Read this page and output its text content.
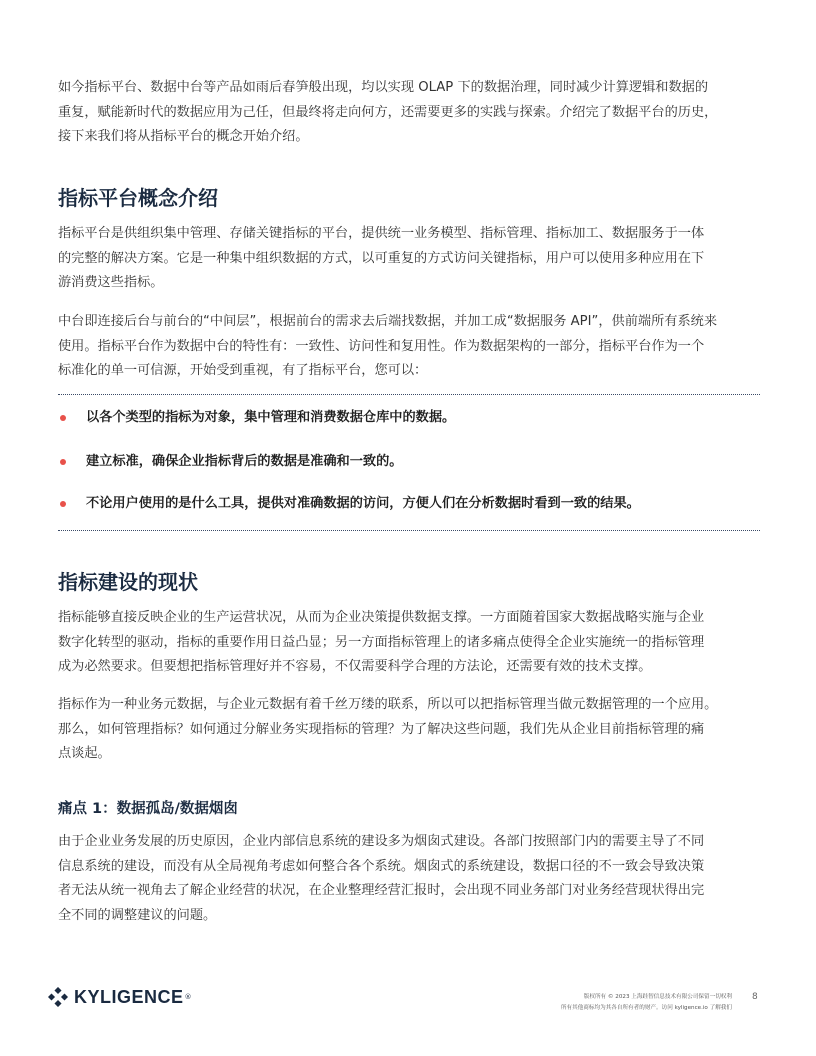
如今指标平台、数据中台等产品如雨后春笋般出现，均以实现 OLAP 下的数据治理，同时减少计算逻辑和数据的
重复，赋能新时代的数据应用为己任，但最终将走向何方，还需要更多的实践与探索。介绍完了数据平台的历史，
接下来我们将从指标平台的概念开始介绍。
指标平台概念介绍
指标平台是供组织集中管理、存储关键指标的平台，提供统一业务模型、指标管理、指标加工、数据服务于一体
的完整的解决方案。它是一种集中组织数据的方式，以可重复的方式访问关键指标，用户可以使用多种应用在下
游消费这些指标。
中台即连接后台与前台的“中间层”，根据前台的需求去后端找数据，并加工成“数据服务 API”，供前端所有系统来
使用。指标平台作为数据中台的特性有：一致性、访问性和复用性。作为数据架构的一部分，指标平台作为一个
标准化的单一可信源，开始受到重视，有了指标平台，您可以：
以各个类型的指标为对象，集中管理和消费数据仓库中的数据。
建立标准，确保企业指标背后的数据是准确和一致的。
不论用户使用的是什么工具，提供对准确数据的访问，方便人们在分析数据时看到一致的结果。
指标建设的现状
指标能够直接反映企业的生产运营状况，从而为企业决策提供数据支撑。一方面随着国家大数据战略实施与企业
数字化转型的驱动，指标的重要作用日益凸显；另一方面指标管理上的诸多痛点使得全企业实施统一的指标管理
成为必然要求。但要想把指标管理好并不容易，不仅需要科学合理的方法论，还需要有效的技术支撑。
指标作为一种业务元数据，与企业元数据有着千丝万缕的联系，所以可以把指标管理当做元数据管理的一个应用。
那么，如何管理指标？如何通过分解业务实现指标的管理？为了解决这些问题，我们先从企业目前指标管理的痛
点谈起。
痛点 1：数据孤岛/数据烟囱
由于企业业务发展的历史原因，企业内部信息系统的建设多为烟囱式建设。各部门按照部门内的需要主导了不同
信息系统的建设，而没有从全局视角考虑如何整合各个系统。烟囱式的系统建设，数据口径的不一致会导致决策
者无法从统一视角去了解企业经营的状况，在企业整理经营汇报时，会出现不同业务部门对业务经营现状得出完
全不同的调整建议的问题。
KYLIGENCE ®	版权所有 © 2023 上海跬智信息技术有限公司保留一切权利
所有其他商标均为其各自所有者的财产。访问 kyligence.io 了解我们
8
